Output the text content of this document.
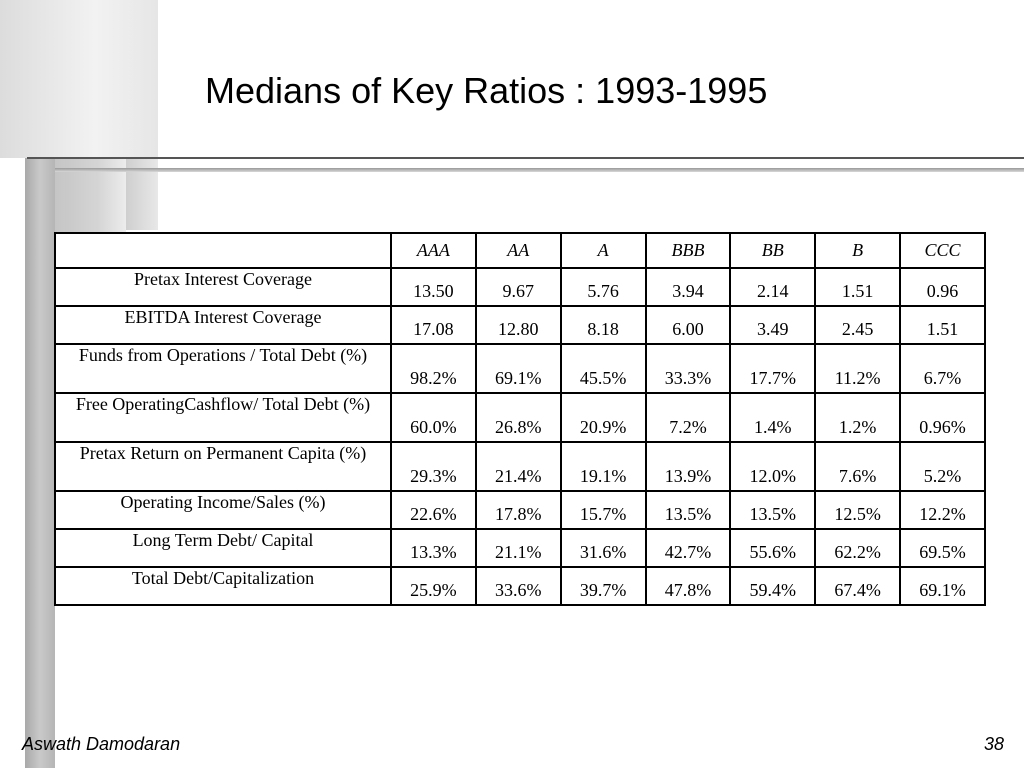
Medians of Key Ratios : 1993-1995
	AAA	AA	A	BBB	BB	B	CCC
Pretax Interest Coverage	13.50	9.67	5.76	3.94	2.14	1.51	0.96
EBITDA Interest Coverage	17.08	12.80	8.18	6.00	3.49	2.45	1.51
Funds from Operations / Total Debt (%)	98.2%	69.1%	45.5%	33.3%	17.7%	11.2%	6.7%
Free OperatingCashflow/ Total Debt (%)	60.0%	26.8%	20.9%	7.2%	1.4%	1.2%	0.96%
Pretax Return on Permanent Capita (%)	29.3%	21.4%	19.1%	13.9%	12.0%	7.6%	5.2%
Operating Income/Sales (%)	22.6%	17.8%	15.7%	13.5%	13.5%	12.5%	12.2%
Long Term Debt/ Capital	13.3%	21.1%	31.6%	42.7%	55.6%	62.2%	69.5%
Total Debt/Capitalization	25.9%	33.6%	39.7%	47.8%	59.4%	67.4%	69.1%
Aswath Damodaran	38
